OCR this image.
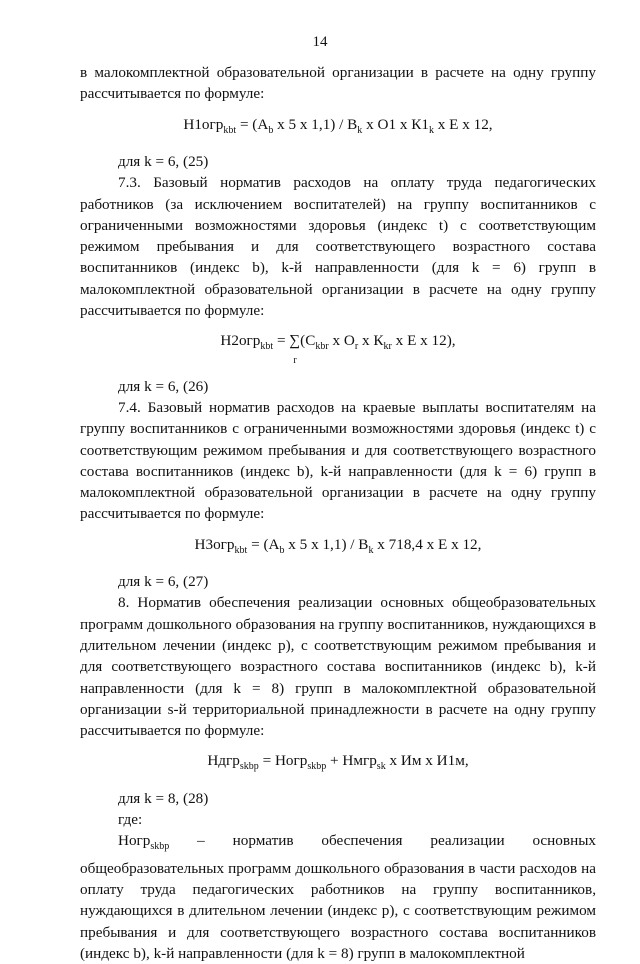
14

в малокомплектной образовательной организации в расчете на одну группу рассчитывается по формуле:

$Н1огр_{kbt} = (А_b$ х 5 х $1,1) / В_k$ х О1 х $К1_k$ х Е х 12,

для k = 6, (25)

7.3. Базовый норматив расходов на оплату труда педагогических работников (за исключением воспитателей) на группу воспитанников с ограниченными возможностями здоровья (индекс t) с соответствующим режимом пребывания и для соответствующего возрастного состава воспитанников (индекс b), k-й направленности (для k = 6) групп в малокомплектной образовательной организации в расчете на одну группу рассчитывается по формуле:

$Н2огр_{kbt} = \sum(С_{kbr}$ х $О_r$ х $К_{kr}$ х Е х 12),

r

для k = 6, (26)

7.4. Базовый норматив расходов на краевые выплаты воспитателям на группу воспитанников с ограниченными возможностями здоровья (индекс t) с соответствующим режимом пребывания и для соответствующего возрастного состава воспитанников (индекс b), k-й направленности (для k = 6) групп в малокомплектной образовательной организации в расчете на одну группу рассчитывается по формуле:

$Н3огр_{kbt} = (А_b$ х 5 х $1,1) / В_k$ х 718,4 х Е х 12,

для k = 6, (27)

8. Норматив обеспечения реализации основных общеобразовательных программ дошкольного образования на группу воспитанников, нуждающихся в длительном лечении (индекс p), с соответствующим режимом пребывания и для соответствующего возрастного состава воспитанников (индекс b), k-й направленности (для k = 8) групп в малокомплектной образовательной организации s-й территориальной принадлежности в расчете на одну группу рассчитывается по формуле:

Ндгр$_{skbp}$ = Ногр$_{skbp}$ + Нмгр$_{sk}$ х Им х И1м,

для k = 8, (28)

где:

Ногр$_{skbp}$ – норматив обеспечения реализации основных общеобразовательных программ дошкольного образования в части расходов на оплату труда педагогических работников на группу воспитанников, нуждающихся в длительном лечении (индекс p), с соответствующим режимом пребывания и для соответствующего возрастного состава воспитанников (индекс b), k-й направленности (для k = 8) групп в малокомплектной
